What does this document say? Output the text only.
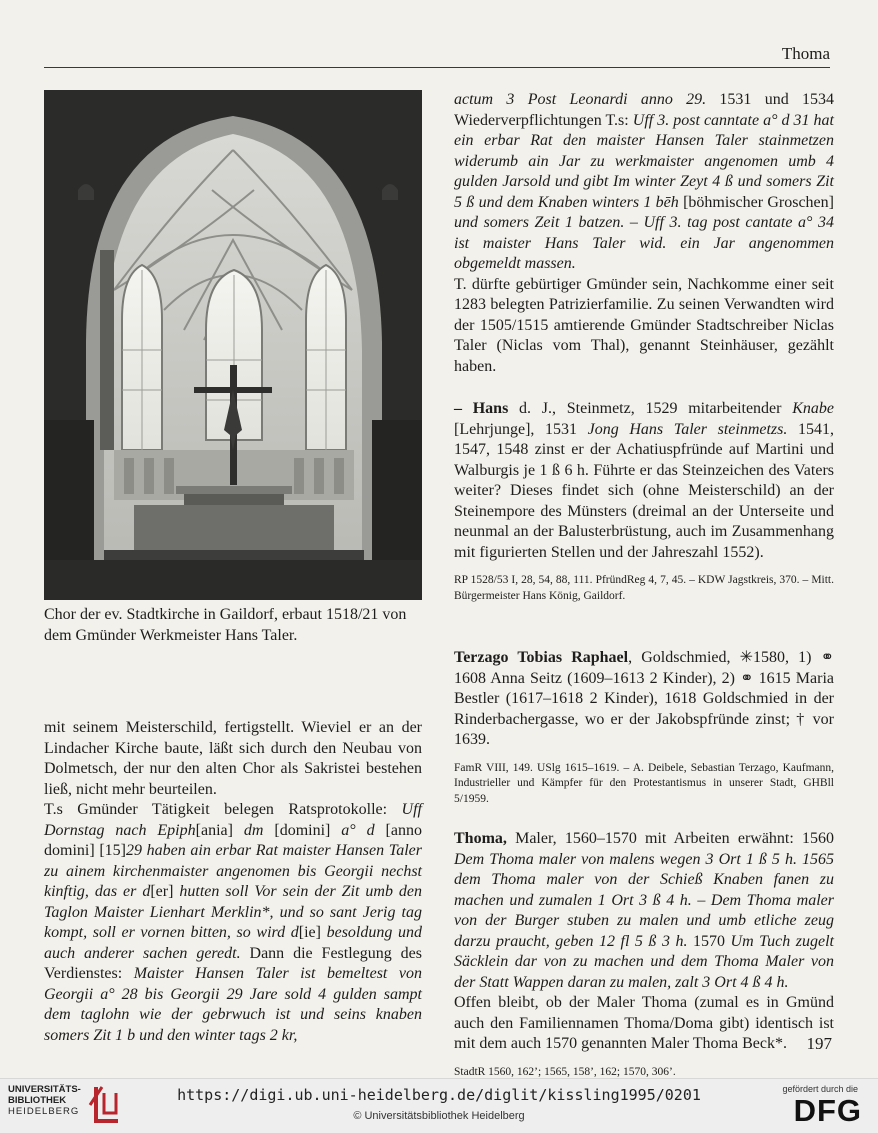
Thoma
Chor der ev. Stadtkirche in Gaildorf, erbaut 1518/21 von dem Gmünder Werkmeister Hans Taler.

mit seinem Meisterschild, fertigstellt. Wieviel er an der Lindacher Kirche baute, läßt sich durch den Neubau von Dolmetsch, der nur den alten Chor als Sakristei bestehen ließ, nicht mehr beurteilen.

T.s Gmünder Tätigkeit belegen Ratsprotokolle: Uff Dornstag nach Epiph[ania] dm [domini] a° d [anno domini] [15]29 haben ain erbar Rat maister Hansen Taler zu ainem kirchenmaister angenomen bis Georgii nechst kinftig, das er d[er] hutten soll Vor sein der Zit umb den Taglon Maister Lienhart Merklin*, und so sant Jerig tag kompt, soll er vornen bitten, so wird d[ie] besoldung und auch anderer sachen geredt. Dann die Festlegung des Verdienstes: Maister Hansen Taler ist bemeltest von Georgii a° 28 bis Georgii 29 Jare sold 4 gulden sampt dem taglohn wie der gebrwuch ist und seins knaben somers Zit 1 b und den winter tags 2 kr,

actum 3 Post Leonardi anno 29. 1531 und 1534 Wiederverpflichtungen T.s: Uff 3. post canntate a° d 31 hat ein erbar Rat den maister Hansen Taler stainmetzen widerumb ain Jar zu werkmaister angenomen umb 4 gulden Jarsold und gibt Im winter Zeyt 4 ß und somers Zit 5 ß und dem Knaben winters 1 bēh [böhmischer Groschen] und somers Zeit 1 batzen. – Uff 3. tag post cantate a° 34 ist maister Hans Taler wid. ein Jar angenommen obgemeldt massen.

T. dürfte gebürtiger Gmünder sein, Nachkomme einer seit 1283 belegten Patrizierfamilie. Zu seinen Verwandten wird der 1505/1515 amtierende Gmünder Stadtschreiber Niclas Taler (Niclas vom Thal), genannt Steinhäuser, gezählt haben.

– Hans d. J., Steinmetz, 1529 mitarbeitender Knabe [Lehrjunge], 1531 Jong Hans Taler steinmetzs. 1541, 1547, 1548 zinst er der Achatiuspfründe auf Martini und Walburgis je 1 ß 6 h. Führte er das Steinzeichen des Vaters weiter? Dieses findet sich (ohne Meisterschild) an der Steinempore des Münsters (dreimal an der Unterseite und neunmal an der Balusterbrüstung, auch im Zusammenhang mit figurierten Stellen und der Jahreszahl 1552).

RP 1528/53 I, 28, 54, 88, 111. PfründReg 4, 7, 45. – KDW Jagstkreis, 370. – Mitt. Bürgermeister Hans König, Gaildorf.

Terzago Tobias Raphael, Goldschmied, ✳1580, 1) ⚭ 1608 Anna Seitz (1609–1613 2 Kinder), 2) ⚭ 1615 Maria Bestler (1617–1618 2 Kinder), 1618 Goldschmied in der Rinderbachergasse, wo er der Jakobspfründe zinst; † vor 1639.

FamR VIII, 149. USlg 1615–1619. – A. Deibele, Sebastian Terzago, Kaufmann, Industrieller und Kämpfer für den Protestantismus in unserer Stadt, GHBll 5/1959.

Thoma, Maler, 1560–1570 mit Arbeiten erwähnt: 1560 Dem Thoma maler von malens wegen 3 Ort 1 ß 5 h. 1565 dem Thoma maler von der Schieß Knaben fanen zu machen und zumalen 1 Ort 3 ß 4 h. – Dem Thoma maler von der Burger stuben zu malen und umb etliche zeug darzu praucht, geben 12 fl 5 ß 3 h. 1570 Um Tuch zugelt Säcklein dar von zu machen und dem Thoma Maler von der Statt Wappen daran zu malen, zalt 3 Ort 4 ß 4 h.

Offen bleibt, ob der Maler Thoma (zumal es in Gmünd auch den Familiennamen Thoma/Doma gibt) identisch ist mit dem auch 1570 genannten Maler Thoma Beck*.

StadtR 1560, 162’; 1565, 158’, 162; 1570, 306’.

197
UNIVERSITÄTS-
BIBLIOTHEK
HEIDELBERG
https://digi.ub.uni-heidelberg.de/diglit/kissling1995/0201
© Universitätsbibliothek Heidelberg
gefördert durch die
DFG
